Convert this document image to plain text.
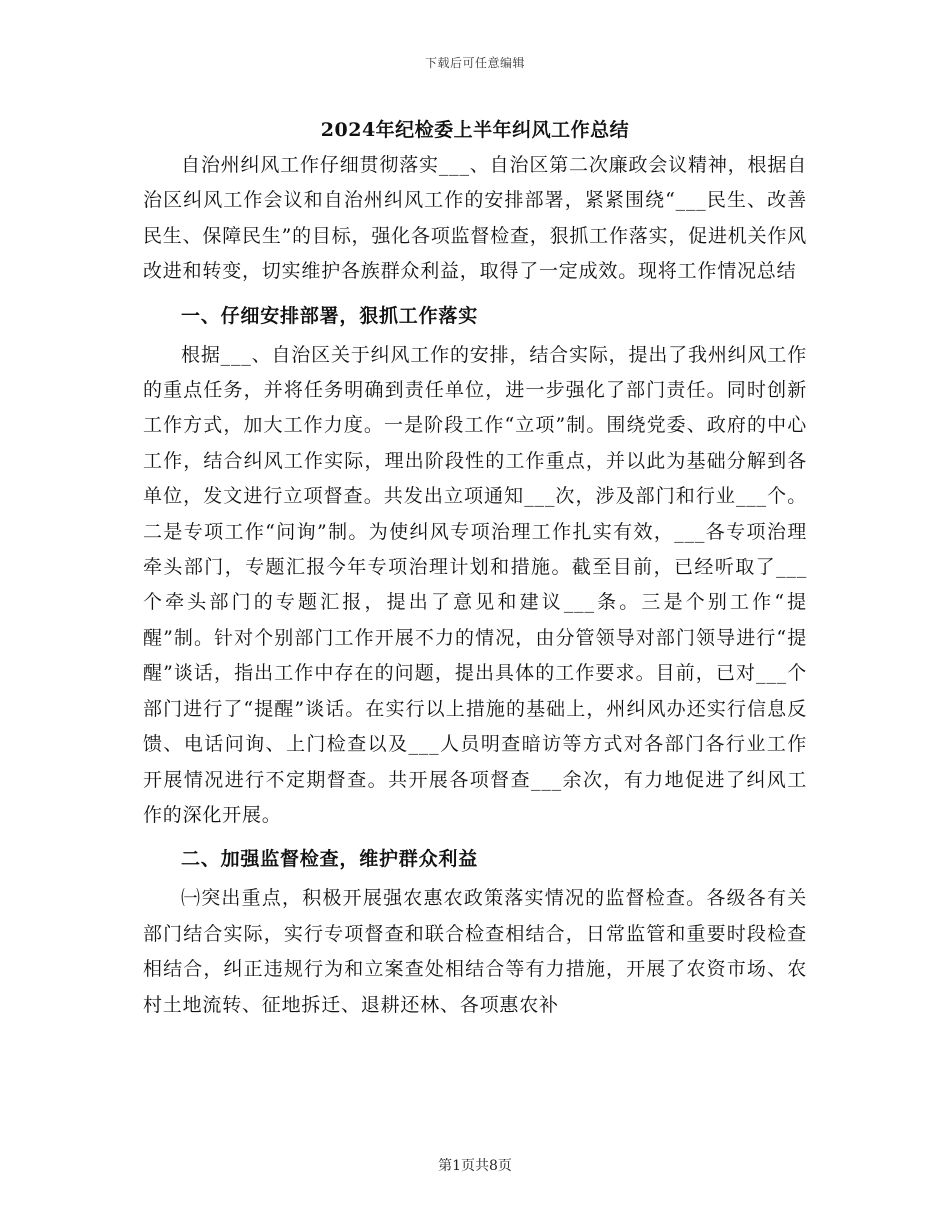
下载后可任意编辑
2024年纪检委上半年纠风工作总结

自治州纠风工作仔细贯彻落实___、自治区第二次廉政会议精神，根据自治区纠风工作会议和自治州纠风工作的安排部署，紧紧围绕“___民生、改善民生、保障民生”的目标，强化各项监督检查，狠抓工作落实，促进机关作风改进和转变，切实维护各族群众利益，取得了一定成效。现将工作情况总结

一、仔细安排部署，狠抓工作落实

根据___、自治区关于纠风工作的安排，结合实际，提出了我州纠风工作的重点任务，并将任务明确到责任单位，进一步强化了部门责任。同时创新工作方式，加大工作力度。一是阶段工作“立项”制。围绕党委、政府的中心工作，结合纠风工作实际，理出阶段性的工作重点，并以此为基础分解到各单位，发文进行立项督查。共发出立项通知___次，涉及部门和行业___个。二是专项工作“问询”制。为使纠风专项治理工作扎实有效，___各专项治理牵头部门，专题汇报今年专项治理计划和措施。截至目前，已经听取了___个牵头部门的专题汇报，提出了意见和建议___条。三是个别工作“提醒”制。针对个别部门工作开展不力的情况，由分管领导对部门领导进行“提醒”谈话，指出工作中存在的问题，提出具体的工作要求。目前，已对___个部门进行了“提醒”谈话。在实行以上措施的基础上，州纠风办还实行信息反馈、电话问询、上门检查以及___人员明查暗访等方式对各部门各行业工作开展情况进行不定期督查。共开展各项督查___余次，有力地促进了纠风工作的深化开展。

二、加强监督检查，维护群众利益

㈠突出重点，积极开展强农惠农政策落实情况的监督检查。各级各有关部门结合实际，实行专项督查和联合检查相结合，日常监管和重要时段检查相结合，纠正违规行为和立案查处相结合等有力措施，开展了农资市场、农村土地流转、征地拆迁、退耕还林、各项惠农补

第1页共8页
